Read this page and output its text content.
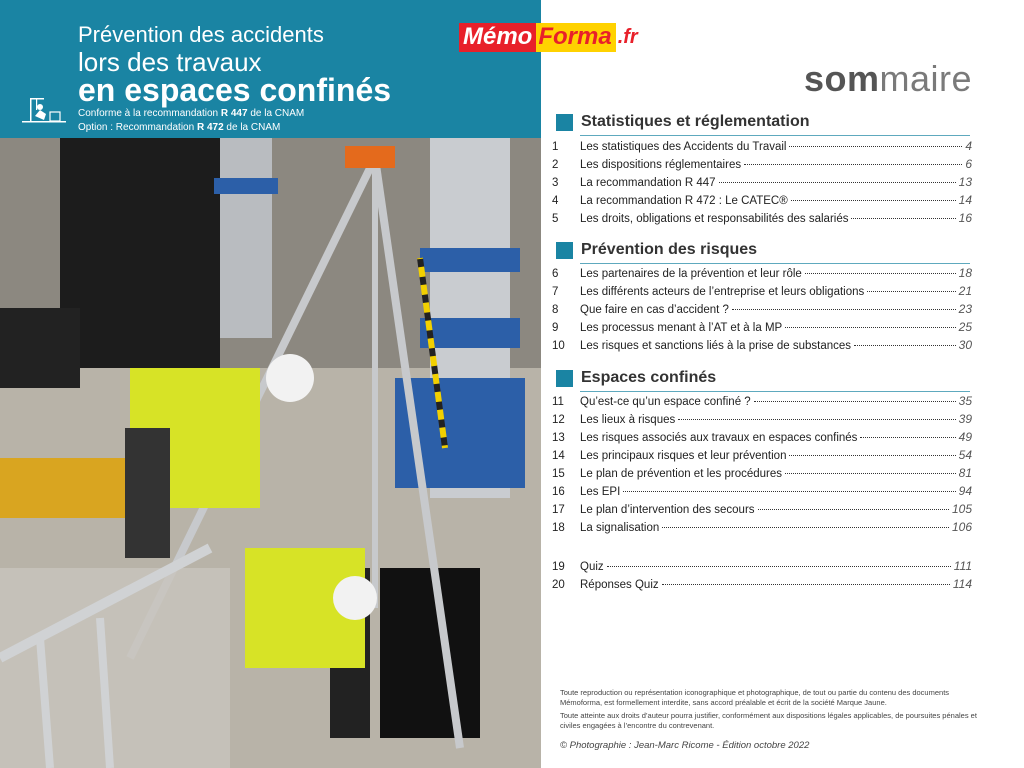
Prévention des accidents
lors des travaux
en espaces confinés
Conforme à la recommandation R 447 de la CNAM
Option : Recommandation R 472 de la CNAM
Mémo Forma .fr
sommaire
Statistiques et réglementation
1	Les statistiques des Accidents du Travail	4
2	Les dispositions réglementaires	6
3	La recommandation R 447	13
4	La recommandation R 472 : Le CATEC®	14
5	Les droits, obligations et responsabilités des salariés	16
Prévention des risques
6	Les partenaires de la prévention et leur rôle	18
7	Les différents acteurs de l’entreprise et leurs obligations	21
8	Que faire en cas d’accident ?	23
9	Les processus menant à l’AT et à la MP	25
10	Les risques et sanctions liés à la prise de substances	30
Espaces confinés
11	Qu’est-ce qu’un espace confiné ?	35
12	Les lieux à risques	39
13	Les risques associés aux travaux en espaces confinés	49
14	Les principaux risques et leur prévention	54
15	Le plan de prévention et les procédures	81
16	Les EPI	94
17	Le plan d’intervention des secours	105
18	La signalisation	106
19	Quiz	111
20	Réponses Quiz	114
Toute reproduction ou représentation iconographique et photographique, de tout ou partie du contenu des documents Mémoforma, est formellement interdite, sans accord préalable et écrit de la société Marque Jaune.
Toute atteinte aux droits d’auteur pourra justifier, conformément aux dispositions légales applicables, de poursuites pénales et civiles engagées à l’encontre du contrevenant.
© Photographie : Jean-Marc Ricome - Édition octobre 2022
